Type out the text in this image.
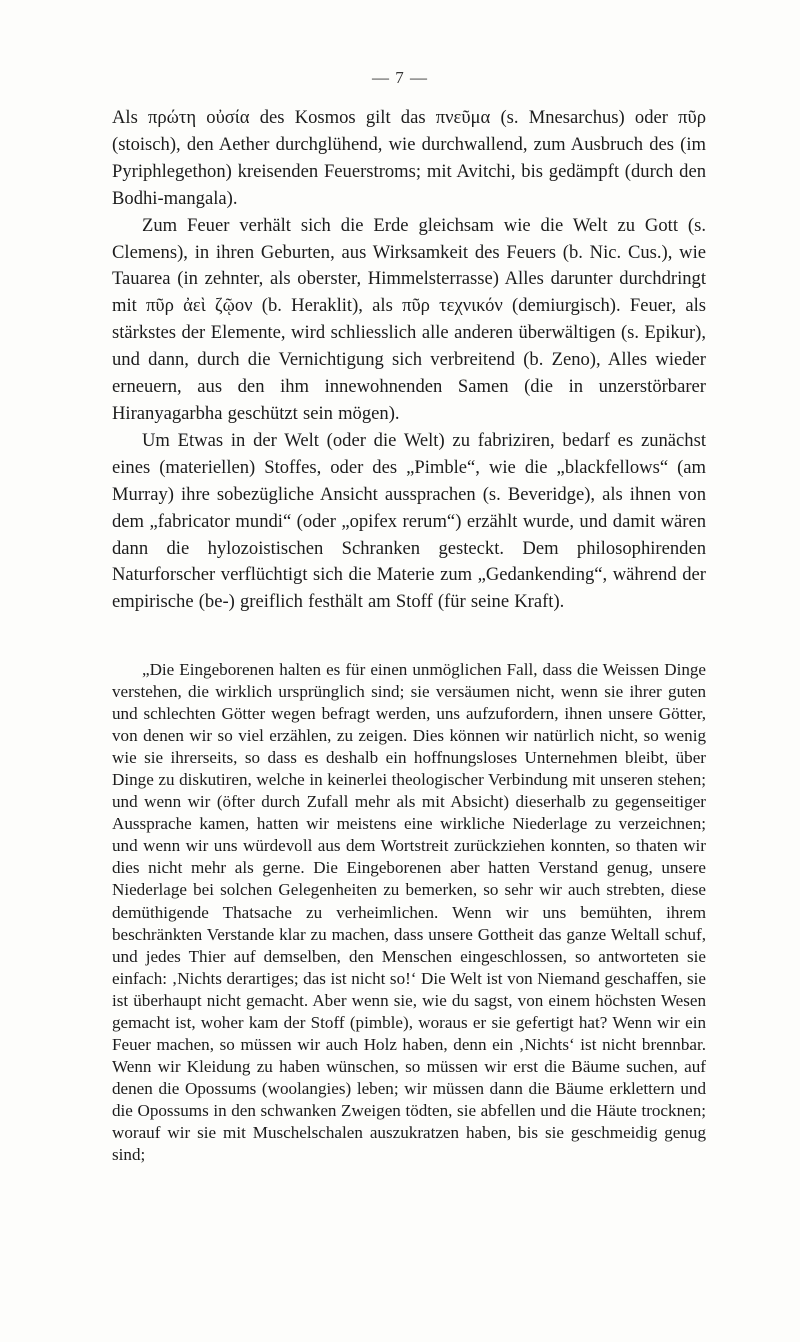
— 7 —

Als πρώτη οὐσία des Kosmos gilt das πνεῦμα (s. Mnesarchus) oder πῦρ (stoisch), den Aether durchglühend, wie durchwallend, zum Ausbruch des (im Pyriphlegethon) kreisenden Feuerstroms; mit Avitchi, bis gedämpft (durch den Bodhi-mangala).

Zum Feuer verhält sich die Erde gleichsam wie die Welt zu Gott (s. Clemens), in ihren Geburten, aus Wirksamkeit des Feuers (b. Nic. Cus.), wie Tauarea (in zehnter, als oberster, Himmelsterrasse) Alles darunter durchdringt mit πῦρ ἀεὶ ζῷον (b. Heraklit), als πῦρ τεχνικόν (demiurgisch). Feuer, als stärkstes der Elemente, wird schliesslich alle anderen überwältigen (s. Epikur), und dann, durch die Vernichtigung sich verbreitend (b. Zeno), Alles wieder erneuern, aus den ihm innewohnenden Samen (die in unzerstörbarer Hiranyagarbha geschützt sein mögen).

Um Etwas in der Welt (oder die Welt) zu fabriziren, bedarf es zunächst eines (materiellen) Stoffes, oder des „Pimble“, wie die „blackfellows“ (am Murray) ihre sobezügliche Ansicht aussprachen (s. Beveridge), als ihnen von dem „fabricator mundi“ (oder „opifex rerum“) erzählt wurde, und damit wären dann die hylozoistischen Schranken gesteckt. Dem philosophirenden Naturforscher verflüchtigt sich die Materie zum „Gedankending“, während der empirische (be-) greiflich festhält am Stoff (für seine Kraft).

„Die Eingeborenen halten es für einen unmöglichen Fall, dass die Weissen Dinge verstehen, die wirklich ursprünglich sind; sie versäumen nicht, wenn sie ihrer guten und schlechten Götter wegen befragt werden, uns aufzufordern, ihnen unsere Götter, von denen wir so viel erzählen, zu zeigen. Dies können wir natürlich nicht, so wenig wie sie ihrerseits, so dass es deshalb ein hoffnungsloses Unternehmen bleibt, über Dinge zu diskutiren, welche in keinerlei theologischer Verbindung mit unseren stehen; und wenn wir (öfter durch Zufall mehr als mit Absicht) dieserhalb zu gegenseitiger Aussprache kamen, hatten wir meistens eine wirkliche Niederlage zu verzeichnen; und wenn wir uns würdevoll aus dem Wortstreit zurückziehen konnten, so thaten wir dies nicht mehr als gerne. Die Eingeborenen aber hatten Verstand genug, unsere Niederlage bei solchen Gelegenheiten zu bemerken, so sehr wir auch strebten, diese demüthigende Thatsache zu verheimlichen. Wenn wir uns bemühten, ihrem beschränkten Verstande klar zu machen, dass unsere Gottheit das ganze Weltall schuf, und jedes Thier auf demselben, den Menschen eingeschlossen, so antworteten sie einfach: ‚Nichts derartiges; das ist nicht so!‘ Die Welt ist von Niemand geschaffen, sie ist überhaupt nicht gemacht. Aber wenn sie, wie du sagst, von einem höchsten Wesen gemacht ist, woher kam der Stoff (pimble), woraus er sie gefertigt hat? Wenn wir ein Feuer machen, so müssen wir auch Holz haben, denn ein ‚Nichts‘ ist nicht brennbar. Wenn wir Kleidung zu haben wünschen, so müssen wir erst die Bäume suchen, auf denen die Opossums (woolangies) leben; wir müssen dann die Bäume erklettern und die Opossums in den schwanken Zweigen tödten, sie abfellen und die Häute trocknen; worauf wir sie mit Muschelschalen auszukratzen haben, bis sie geschmeidig genug sind;
